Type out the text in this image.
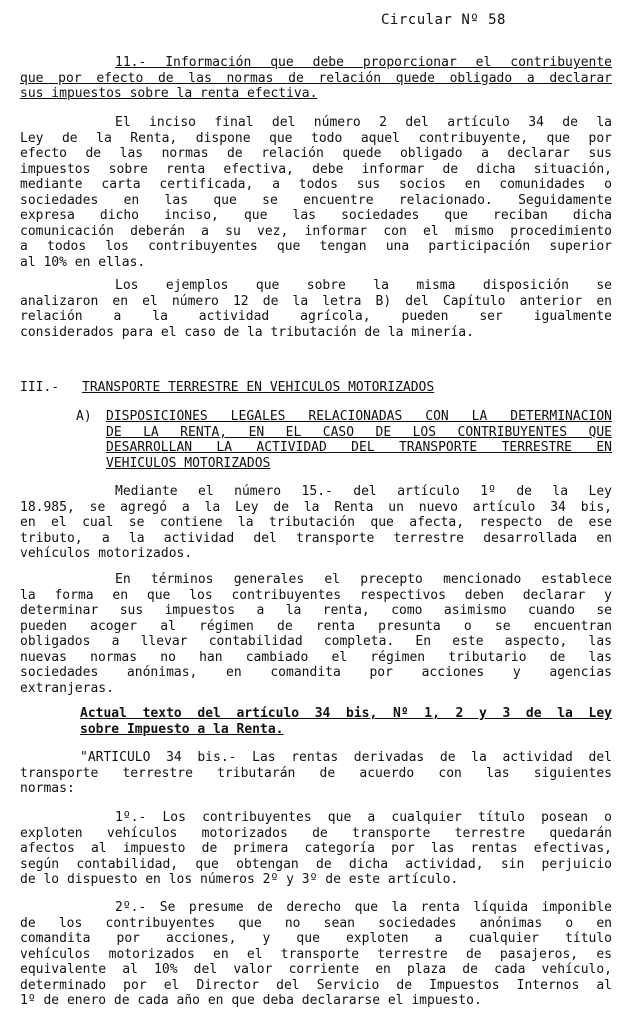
Circular Nº 58
11.- Información que debe proporcionar el contribuyente
que por efecto de las normas de relación quede obligado a declarar
sus impuestos sobre la renta efectiva.
El inciso final del número 2 del artículo 34 de la
Ley de la Renta, dispone que todo aquel contribuyente, que por
efecto de las normas de relación quede obligado a declarar sus
impuestos sobre renta efectiva, debe informar de dicha situación,
mediante carta certificada, a todos sus socios en comunidades o
sociedades en las que se encuentre relacionado. Seguidamente
expresa dicho inciso, que las sociedades que reciban dicha
comunicación deberán a su vez, informar con el mismo procedimiento
a todos los contribuyentes que tengan una participación superior
al 10% en ellas.
Los ejemplos que sobre la misma disposición se
analizaron en el número 12 de la letra B) del Capítulo anterior en
relación a la actividad agrícola, pueden ser igualmente
considerados para el caso de la tributación de la minería.
III.- TRANSPORTE TERRESTRE EN VEHICULOS MOTORIZADOS
A) DISPOSICIONES LEGALES RELACIONADAS CON LA DETERMINACION
DE LA RENTA, EN EL CASO DE LOS CONTRIBUYENTES QUE
DESARROLLAN LA ACTIVIDAD DEL TRANSPORTE TERRESTRE EN
VEHICULOS MOTORIZADOS
Mediante el número 15.- del artículo 1º de la Ley
18.985, se agregó a la Ley de la Renta un nuevo artículo 34 bis,
en el cual se contiene la tributación que afecta, respecto de ese
tributo, a la actividad del transporte terrestre desarrollada en
vehículos motorizados.
En términos generales el precepto mencionado establece
la forma en que los contribuyentes respectivos deben declarar y
determinar sus impuestos a la renta, como asimismo cuando se
pueden acoger al régimen de renta presunta o se encuentran
obligados a llevar contabilidad completa. En este aspecto, las
nuevas normas no han cambiado el régimen tributario de las
sociedades anónimas, en comandita por acciones y agencias
extranjeras.
Actual texto del artículo 34 bis, Nº 1, 2 y 3 de la Ley
sobre Impuesto a la Renta.
"ARTICULO 34 bis.- Las rentas derivadas de la actividad del
transporte terrestre tributarán de acuerdo con las siguientes
normas:
1º.- Los contribuyentes que a cualquier título posean o
exploten vehículos motorizados de transporte terrestre quedarán
afectos al impuesto de primera categoría por las rentas efectivas,
según contabilidad, que obtengan de dicha actividad, sin perjuicio
de lo dispuesto en los números 2º y 3º de este artículo.
2º.- Se presume de derecho que la renta líquida imponible
de los contribuyentes que no sean sociedades anónimas o en
comandita por acciones, y que exploten a cualquier título
vehículos motorizados en el transporte terrestre de pasajeros, es
equivalente al 10% del valor corriente en plaza de cada vehículo,
determinado por el Director del Servicio de Impuestos Internos al
1º de enero de cada año en que deba declararse el impuesto.
